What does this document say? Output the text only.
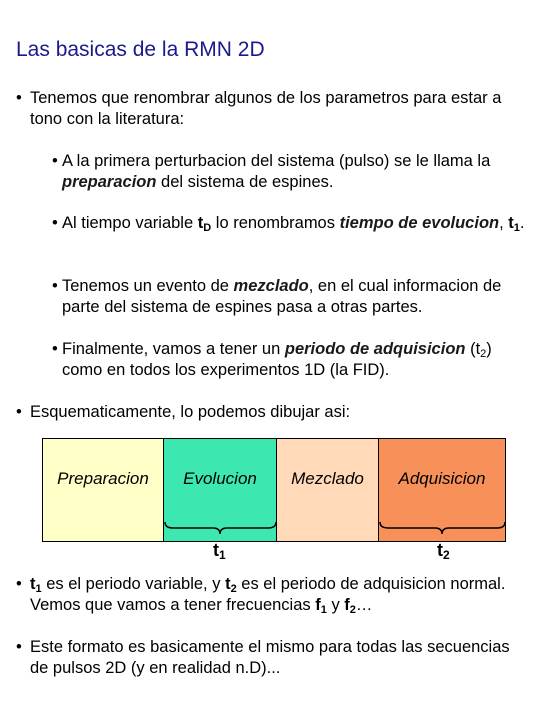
Las basicas de la RMN 2D
• Tenemos que renombrar algunos de los parametros para estar a tono con la literatura:
• A la primera perturbacion del sistema (pulso) se le llama la preparacion del sistema de espines.
• Al tiempo variable $t_D$ lo renombramos tiempo de evolucion, $t_1$.
• Tenemos un evento de mezclado, en el cual informacion de parte del sistema de espines pasa a otras partes.
• Finalmente, vamos a tener un periodo de adquisicion $(t_2)$ como en todos los experimentos 1D (la FID).
• Esquematicamente, lo podemos dibujar asi:
Preparacion Evolucion Mezclado Adquisicion
$t_1$	$t_2$
• $t_1$ es el periodo variable, y $t_2$ es el periodo de adquisicion normal. Vemos que vamos a tener frecuencias $f_1$ y $f_2\dots$
• Este formato es basicamente el mismo para todas las secuencias de pulsos 2D (y en realidad n.D)...
